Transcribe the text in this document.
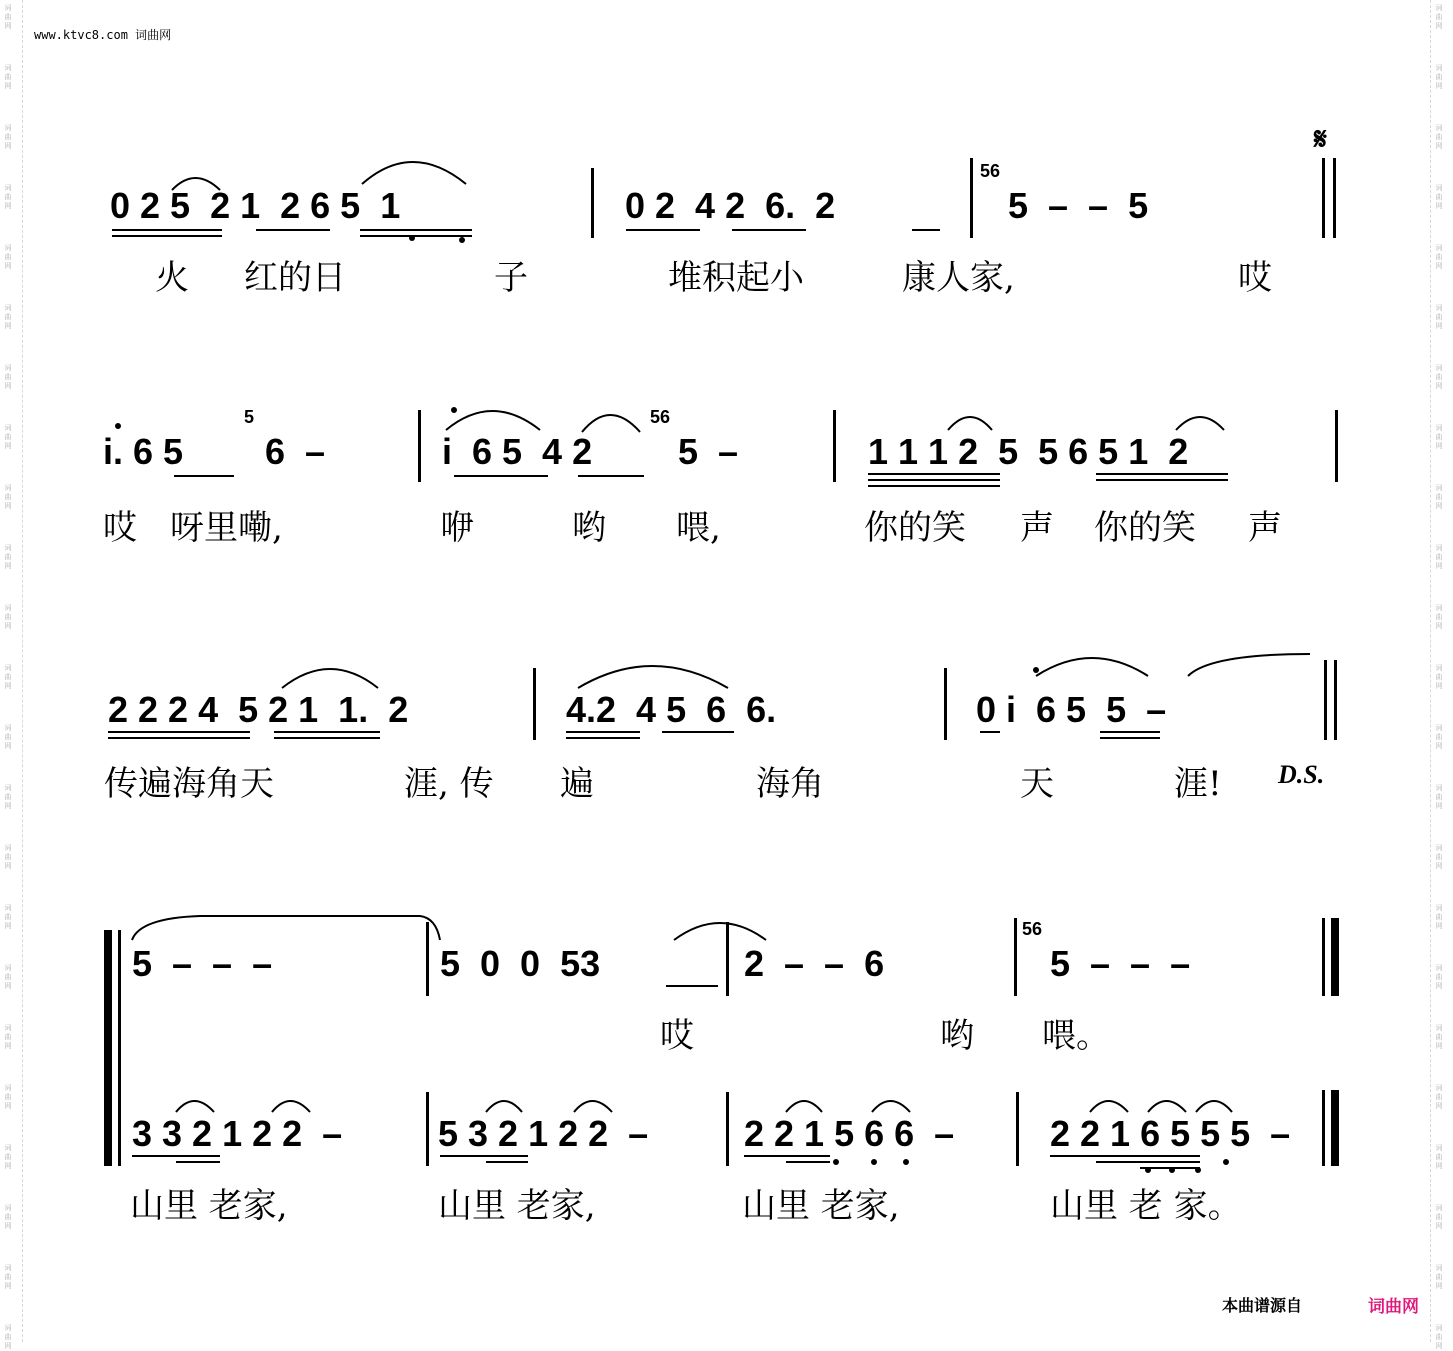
词
曲
网
词
曲
网
词
曲
网
词
曲
网
词
曲
网
词
曲
网
词
曲
网
词
曲
网
词
曲
网
词
曲
网
词
曲
网
词
曲
网
词
曲
网
词
曲
网
词
曲
网
词
曲
网
词
曲
网
词
曲
网
词
曲
网
词
曲
网
词
曲
网
词
曲
网
词
曲
网
词
曲
网
词
曲
网
词
曲
网
词
曲
网
词
曲
网
词
曲
网
词
曲
网
词
曲
网
词
曲
网
词
曲
网
词
曲
网
词
曲
网
词
曲
网
词
曲
网
词
曲
网
词
曲
网
词
曲
网
词
曲
网
词
曲
网
词
曲
网
词
曲
网
词
曲
网
词
曲
网
www.ktvc8.com 词曲网
0 2 5  2 1  2 6 5  1	0 2  4 2  6.  2
56
5  –  –  5
𝄋
火 红的日	子	堆积起小	康人家,	哎
i. 6 5
5
6  –	i  6 5  4 2
56
5  –	1 1 1 2  5  5 6 5 1  2
哎 呀里嘞,	咿	哟 喂,	你的笑 声 你的笑 声
2 2 2 4  5 2 1  1.  2	4.2  4 5  6  6.	0 i  6 5  5  –
传遍海角天	涯, 传 遍	海角	天	涯! D.S.
5  –  –  –	5  0  0  53	2  –  –  6
56
5  –  –  –
哎	哟 喂。
3 3 2 1 2 2  –	5 3 2 1 2 2  –	2 2 1 5 6 6  –	2 2 1 6 5 5 5  –
山里 老家,	山里 老家,	山里 老家,	山里 老 家。
本曲谱源自	词曲网
